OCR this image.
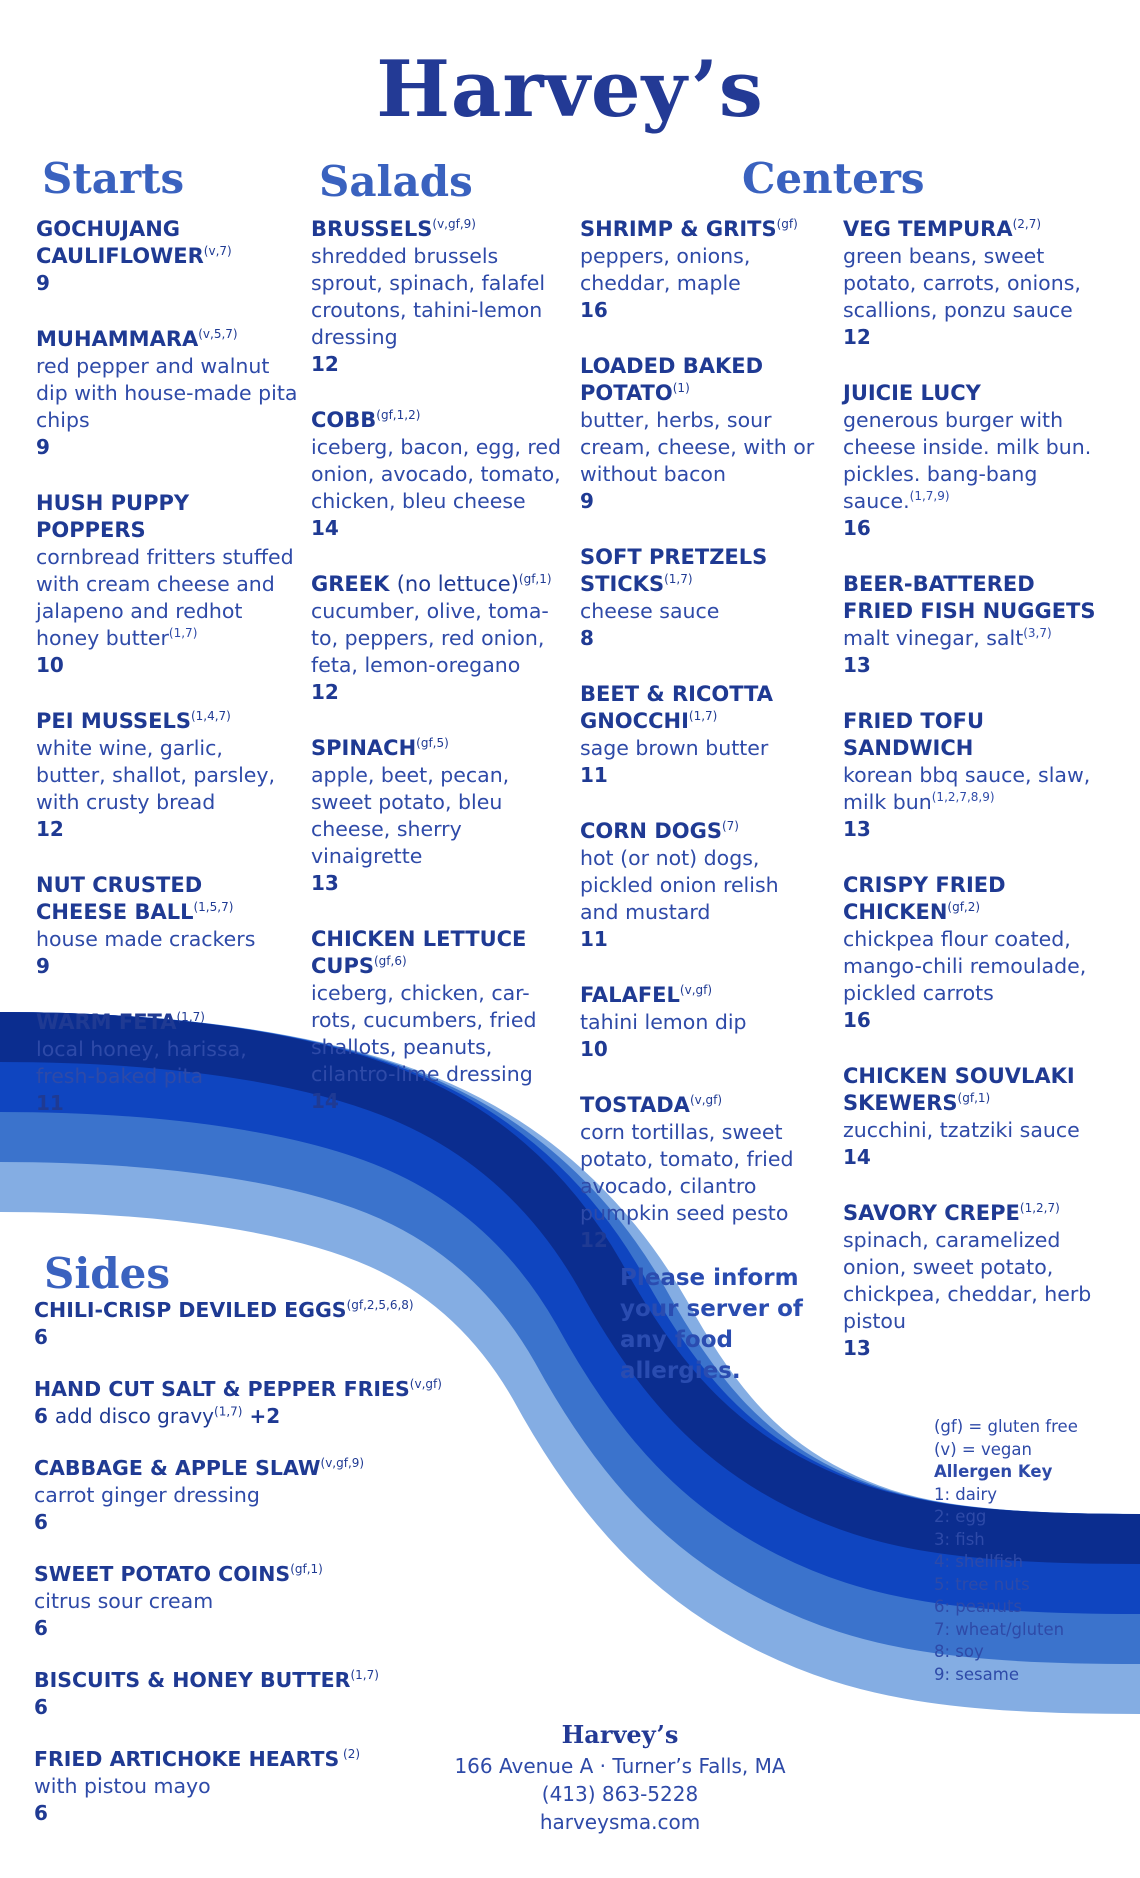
Harvey’s
Starts	Salads	Centers
Sides
GOCHUJANG CAULIFLOWER$^{(v,7)}$
9
MUHAMMARA$^{(v,5,7)}$
red pepper and walnut dip with house-made pita chips
9
HUSH PUPPY POPPERS
cornbread fritters stuffed with cream cheese and jalapeno and redhot honey butter$^{(1,7)}$
10
PEI MUSSELS$^{(1,4,7)}$
white wine, garlic, butter, shallot, parsley, with crusty bread
12
NUT CRUSTED CHEESE BALL$^{(1,5,7)}$
house made crackers
9
WARM FETA$^{(1,7)}$
local honey, harissa, fresh-baked pita
11
$BRUSSELS^{(v,gf,9)}$
shredded brussels sprout, spinach, falafel croutons, tahini-lemon dressing
12
$COBB^{(gf,1,2)}$
iceberg, bacon, egg, red onion, avocado, tomato, chicken, bleu cheese
14
GREEK (no lettuce)$^{(gf,1)}$
cucumber, olive, toma-to, peppers, red onion, feta, lemon-oregano
12
$SPINACH^{(gf,5)}$
apple, beet, pecan, sweet potato, bleu cheese, sherry vinaigrette
13
CHICKEN LETTUCE $CUPS^{(gf,6)}$
iceberg, chicken, car-rots, cucumbers, fried shallots, peanuts, cilantro-lime dressing
14
SHRIMP & $GRITS^{(gf)}$
peppers, onions, cheddar, maple
16
LOADED BAKED POTATO$^{(1)}$
butter, herbs, sour cream, cheese, with or without bacon
9
SOFT PRETZELS STICKS$^{(1,7)}$
cheese sauce
8
BEET & RICOTTA GNOCCHI$^{(1,7)}$
sage brown butter
11
CORN DOGS$^{(7)}$
hot (or not) dogs, pickled onion relish and mustard
11
$FALAFEL^{(v,gf)}$
tahini lemon dip
10
$TOSTADA^{(v,gf)}$
corn tortillas, sweet potato, tomato, fried avocado, cilantro pumpkin seed pesto
12
VEG TEMPURA$^{(2,7)}$
green beans, sweet potato, carrots, onions, scallions, ponzu sauce
12
JUICIE LUCY
generous burger with cheese inside. milk bun. pickles. bang-bang sauce.$^{(1,7,9)}$
16
BEER-BATTERED FRIED FISH NUGGETS
malt vinegar, salt$^{(3,7)}$
13
FRIED TOFU SANDWICH
korean bbq sauce, slaw, milk bun$^{(1,2,7,8,9)}$
13
CRISPY FRIED $CHICKEN^{(gf,2)}$
chickpea flour coated, mango-chili remoulade, pickled carrots
16
CHICKEN SOUVLAKI $SKEWERS^{(gf,1)}$
zucchini, tzatziki sauce
14
SAVORY CREPE$^{(1,2,7)}$
spinach, caramelized onion, sweet potato, chickpea, cheddar, herb pistou
13
CHILI-CRISP DEVILED $EGGS^{(gf,2,5,6,8)}$
6
HAND CUT SALT & PEPPER $FRIES^{(v,gf)}$
6 add disco gravy$^{(1,7)}$ +2
CABBAGE & APPLE $SLAW^{(v,gf,9)}$
carrot ginger dressing
6
SWEET POTATO $COINS^{(gf,1)}$
citrus sour cream
6
BISCUITS & HONEY BUTTER$^{(1,7)}$
6
FRIED ARTICHOKE HEARTS $^{(2)}$
with pistou mayo
6
Please inform your server of any food allergies.
(gf) = gluten free
(v) = vegan
Allergen Key
1: dairy
2: egg
3: fish
4: shellfish
5: tree nuts
6: peanuts
7: wheat/gluten
8: soy
9: sesame
Harvey’s
166 Avenue A · Turner’s Falls, MA
(413) 863-5228
harveysma.com
